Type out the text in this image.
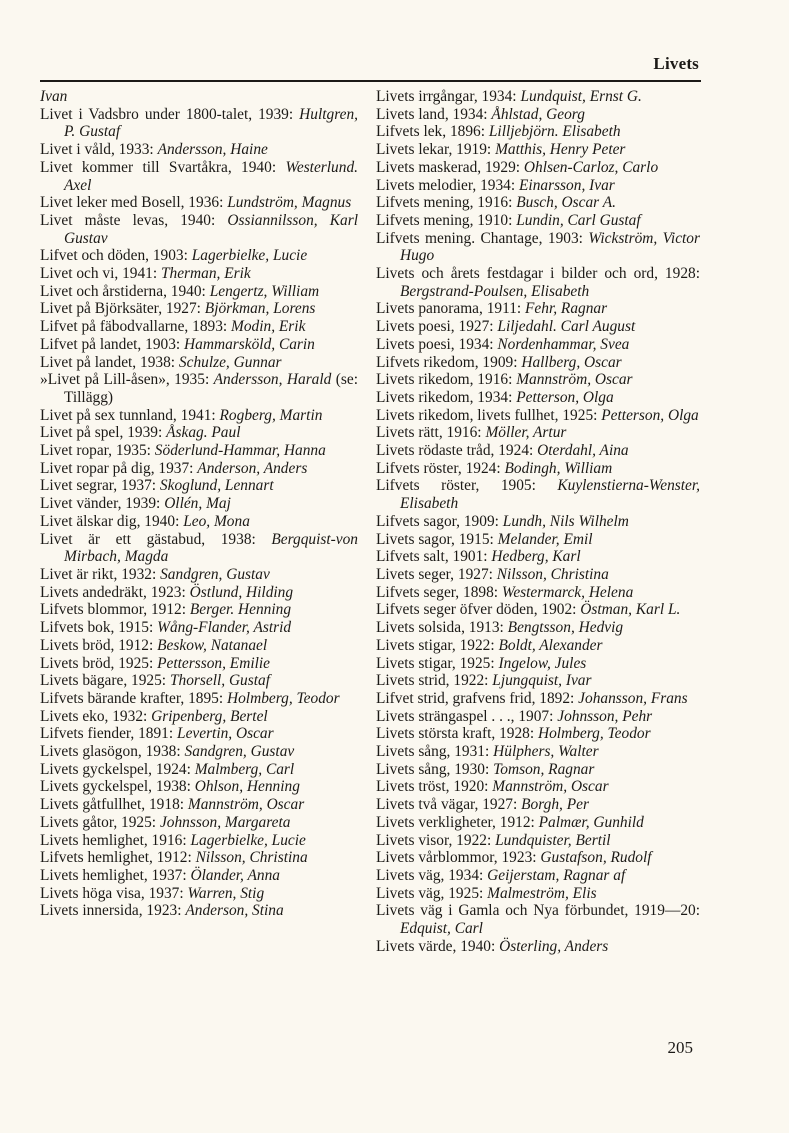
Livets

Ivan

Livet i Vadsbro under 1800-talet, 1939: Hultgren, P. Gustaf

Livet i våld, 1933: Andersson, Haine

Livet kommer till Svartåkra, 1940: Westerlund. Axel

Livet leker med Bosell, 1936: Lundström, Magnus

Livet måste levas, 1940: Ossiannilsson, Karl Gustav

Lifvet och döden, 1903: Lagerbielke, Lucie

Livet och vi, 1941: Therman, Erik

Livet och årstiderna, 1940: Lengertz, William

Livet på Björksäter, 1927: Björkman, Lorens

Lifvet på fäbodvallarne, 1893: Modin, Erik

Lifvet på landet, 1903: Hammarsköld, Carin

Livet på landet, 1938: Schulze, Gunnar

»Livet på Lill-åsen», 1935: Andersson, Harald (se: Tillägg)

Livet på sex tunnland, 1941: Rogberg, Martin

Livet på spel, 1939: Åskag. Paul

Livet ropar, 1935: Söderlund-Hammar, Hanna

Livet ropar på dig, 1937: Anderson, Anders

Livet segrar, 1937: Skoglund, Lennart

Livet vänder, 1939: Ollén, Maj

Livet älskar dig, 1940: Leo, Mona

Livet är ett gästabud, 1938: Bergquist-von Mirbach, Magda

Livet är rikt, 1932: Sandgren, Gustav

Livets andedräkt, 1923: Östlund, Hilding

Lifvets blommor, 1912: Berger. Henning

Lifvets bok, 1915: Wång-Flander, Astrid

Livets bröd, 1912: Beskow, Natanael

Livets bröd, 1925: Pettersson, Emilie

Livets bägare, 1925: Thorsell, Gustaf

Lifvets bärande krafter, 1895: Holmberg, Teodor

Livets eko, 1932: Gripenberg, Bertel

Lifvets fiender, 1891: Levertin, Oscar

Livets glasögon, 1938: Sandgren, Gustav

Livets gyckelspel, 1924: Malmberg, Carl

Livets gyckelspel, 1938: Ohlson, Henning

Livets gåtfullhet, 1918: Mannström, Oscar

Livets gåtor, 1925: Johnsson, Margareta

Livets hemlighet, 1916: Lagerbielke, Lucie

Lifvets hemlighet, 1912: Nilsson, Christina

Livets hemlighet, 1937: Ölander, Anna

Livets höga visa, 1937: Warren, Stig

Livets innersida, 1923: Anderson, Stina

Livets irrgångar, 1934: Lundquist, Ernst G.

Livets land, 1934: Åhlstad, Georg

Lifvets lek, 1896: Lilljebjörn. Elisabeth

Livets lekar, 1919: Matthis, Henry Peter

Livets maskerad, 1929: Ohlsen-Carloz, Carlo

Livets melodier, 1934: Einarsson, Ivar

Lifvets mening, 1916: Busch, Oscar A.

Lifvets mening, 1910: Lundin, Carl Gustaf

Lifvets mening. Chantage, 1903: Wickström, Victor Hugo

Livets och årets festdagar i bilder och ord, 1928: Bergstrand-Poulsen, Elisabeth

Livets panorama, 1911: Fehr, Ragnar

Livets poesi, 1927: Liljedahl. Carl August

Livets poesi, 1934: Nordenhammar, Svea

Lifvets rikedom, 1909: Hallberg, Oscar

Livets rikedom, 1916: Mannström, Oscar

Livets rikedom, 1934: Petterson, Olga

Livets rikedom, livets fullhet, 1925: Petterson, Olga

Livets rätt, 1916: Möller, Artur

Livets rödaste tråd, 1924: Oterdahl, Aina

Lifvets röster, 1924: Bodingh, William

Lifvets röster, 1905: Kuylenstierna-Wenster, Elisabeth

Lifvets sagor, 1909: Lundh, Nils Wilhelm

Livets sagor, 1915: Melander, Emil

Lifvets salt, 1901: Hedberg, Karl

Livets seger, 1927: Nilsson, Christina

Lifvets seger, 1898: Westermarck, Helena

Lifvets seger öfver döden, 1902: Östman, Karl L.

Livets solsida, 1913: Bengtsson, Hedvig

Livets stigar, 1922: Boldt, Alexander

Livets stigar, 1925: Ingelow, Jules

Livets strid, 1922: Ljungquist, Ivar

Lifvet strid, grafvens frid, 1892: Johansson, Frans

Livets strängaspel . . ., 1907: Johnsson, Pehr

Livets största kraft, 1928: Holmberg, Teodor

Livets sång, 1931: Hülphers, Walter

Livets sång, 1930: Tomson, Ragnar

Livets tröst, 1920: Mannström, Oscar

Livets två vägar, 1927: Borgh, Per

Livets verkligheter, 1912: Palmær, Gunhild

Livets visor, 1922: Lundquister, Bertil

Livets vårblommor, 1923: Gustafson, Rudolf

Livets väg, 1934: Geijerstam, Ragnar af

Livets väg, 1925: Malmeström, Elis

Livets väg i Gamla och Nya förbundet, 1919—20: Edquist, Carl

Livets värde, 1940: Österling, Anders

205
